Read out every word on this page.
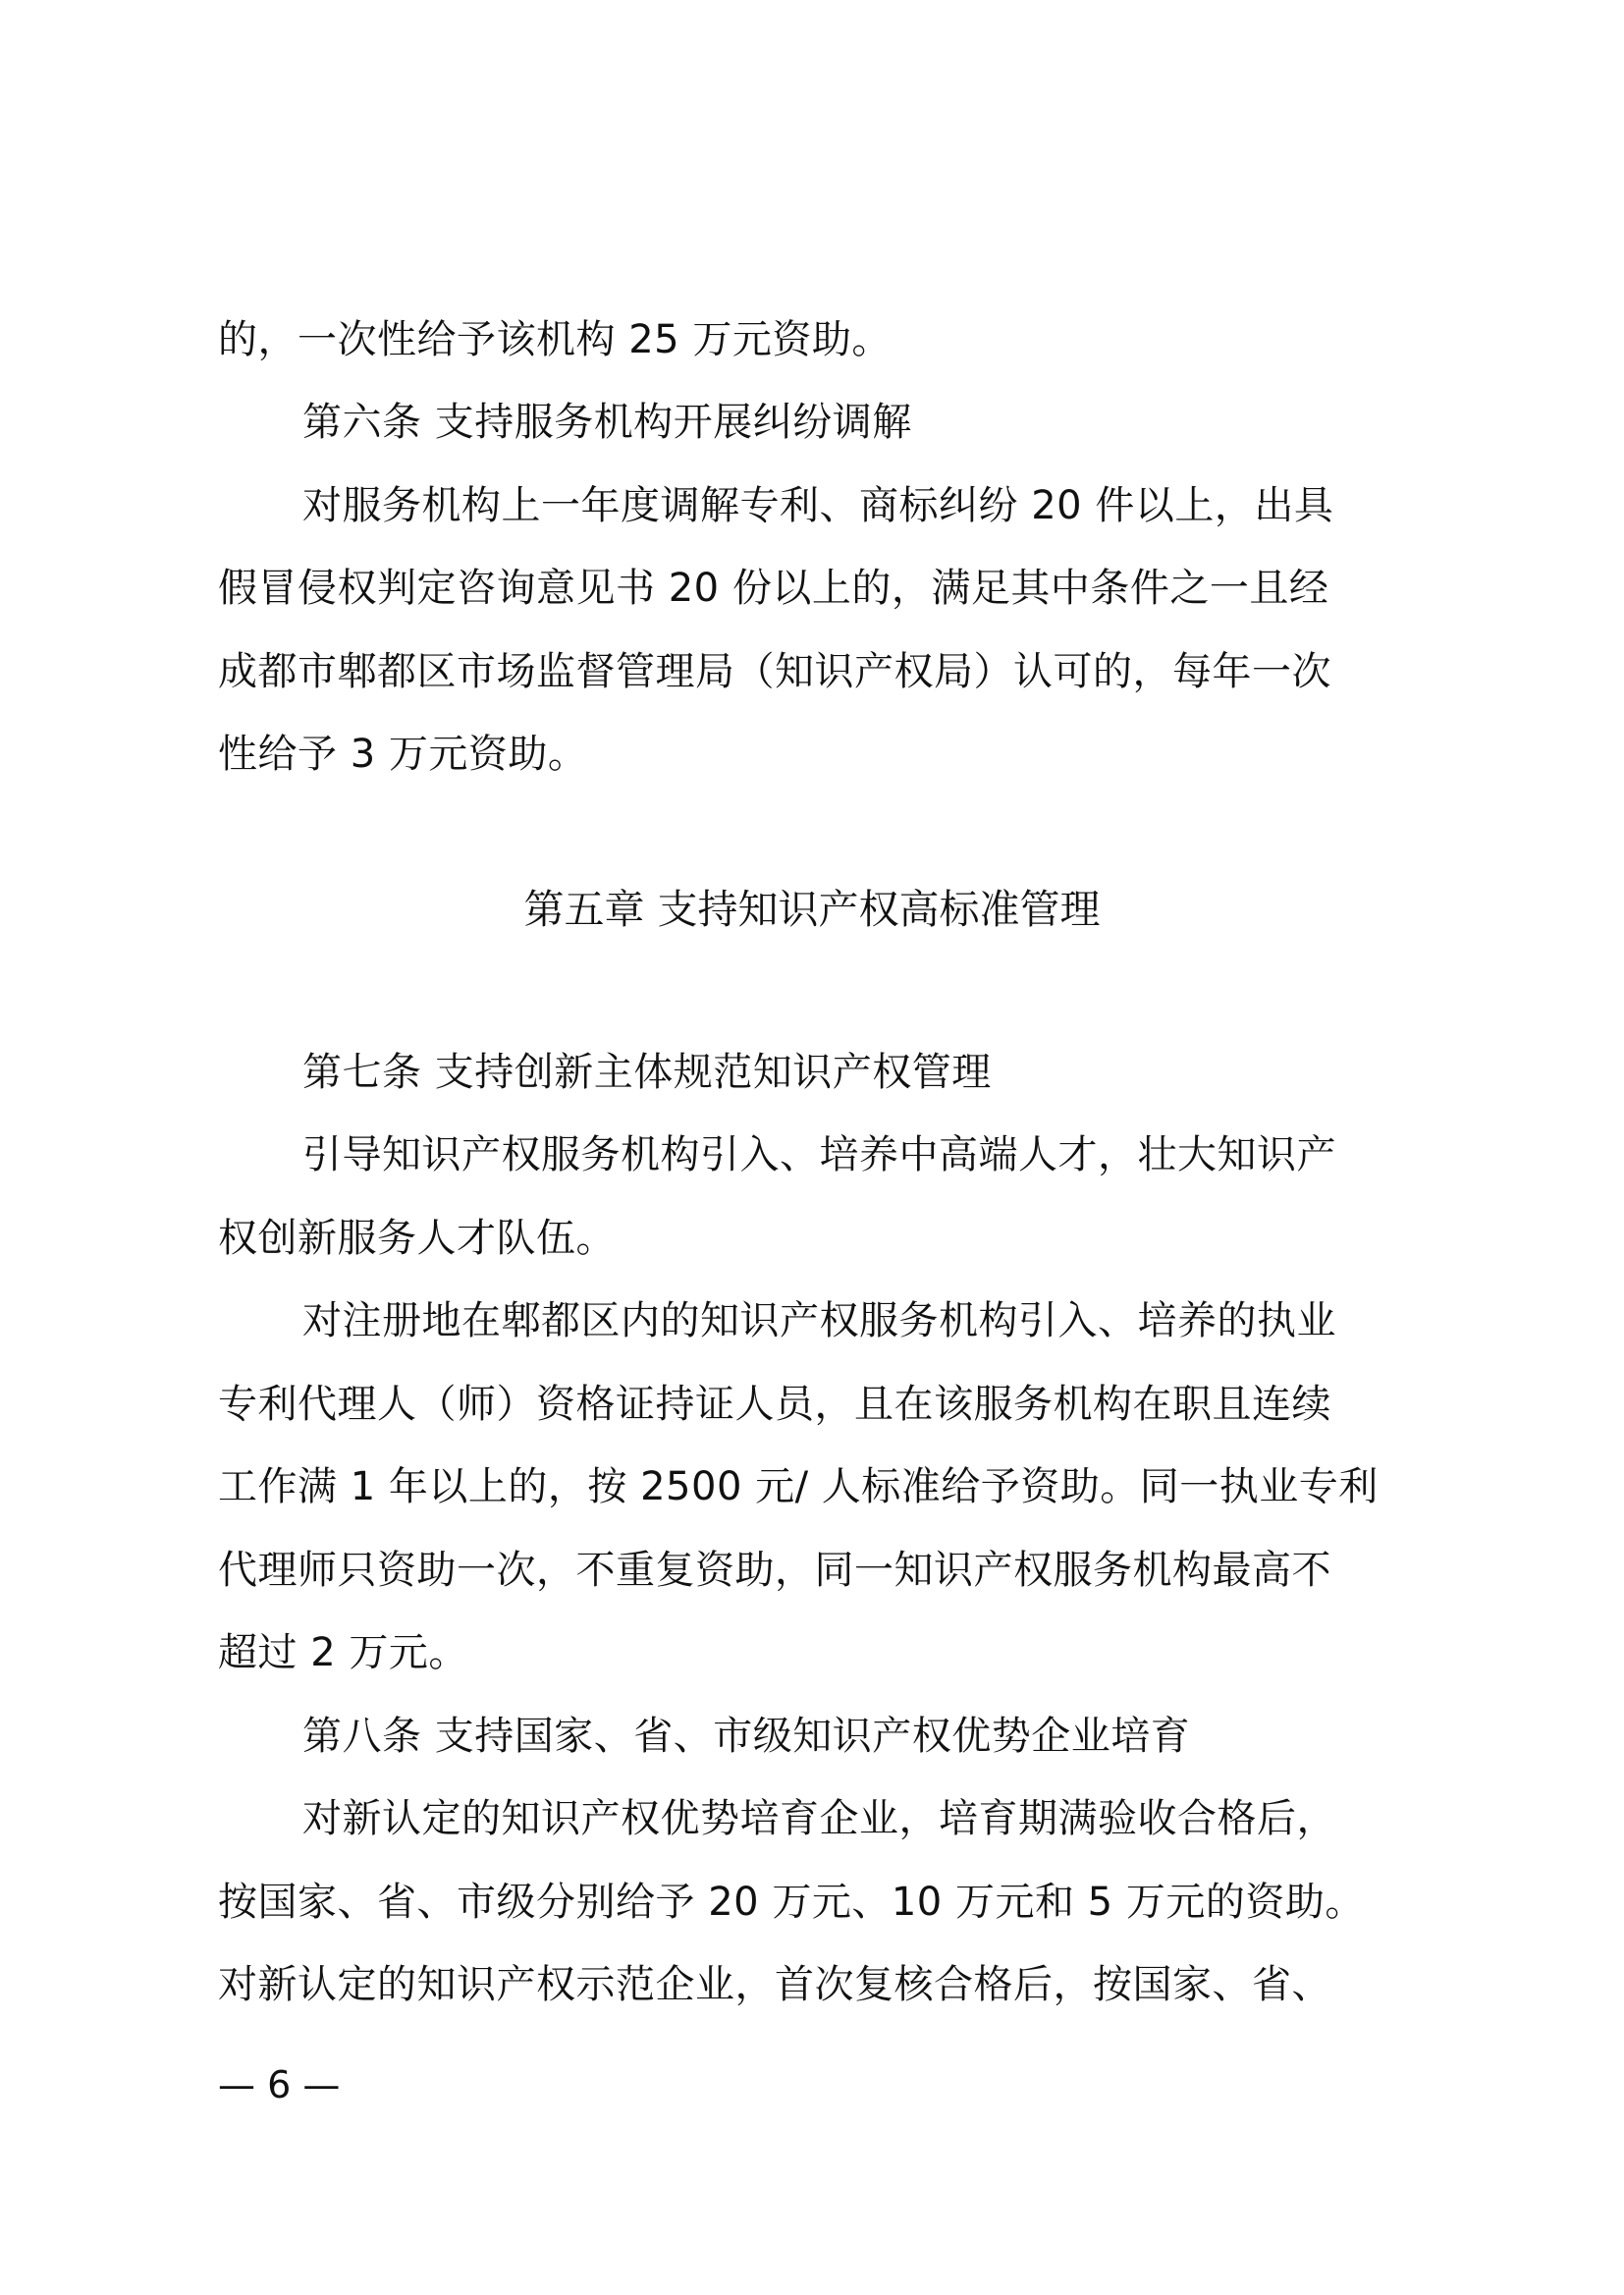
的，一次性给予该机构 25 万元资助。
第六条 支持服务机构开展纠纷调解
对服务机构上一年度调解专利、商标纠纷 20 件以上，出具
假冒侵权判定咨询意见书 20 份以上的，满足其中条件之一且经
成都市郫都区市场监督管理局（知识产权局）认可的，每年一次
性给予 3 万元资助。
第五章 支持知识产权高标准管理
第七条 支持创新主体规范知识产权管理
引导知识产权服务机构引入、培养中高端人才，壮大知识产
权创新服务人才队伍。
对注册地在郫都区内的知识产权服务机构引入、培养的执业
专利代理人（师）资格证持证人员，且在该服务机构在职且连续
工作满 1 年以上的，按 2500 元/ 人标准给予资助。同一执业专利
代理师只资助一次，不重复资助，同一知识产权服务机构最高不
超过 2 万元。
第八条 支持国家、省、市级知识产权优势企业培育
对新认定的知识产权优势培育企业，培育期满验收合格后，
按国家、省、市级分别给予 20 万元、10 万元和 5 万元的资助。
对新认定的知识产权示范企业，首次复核合格后，按国家、省、
— 6 —
